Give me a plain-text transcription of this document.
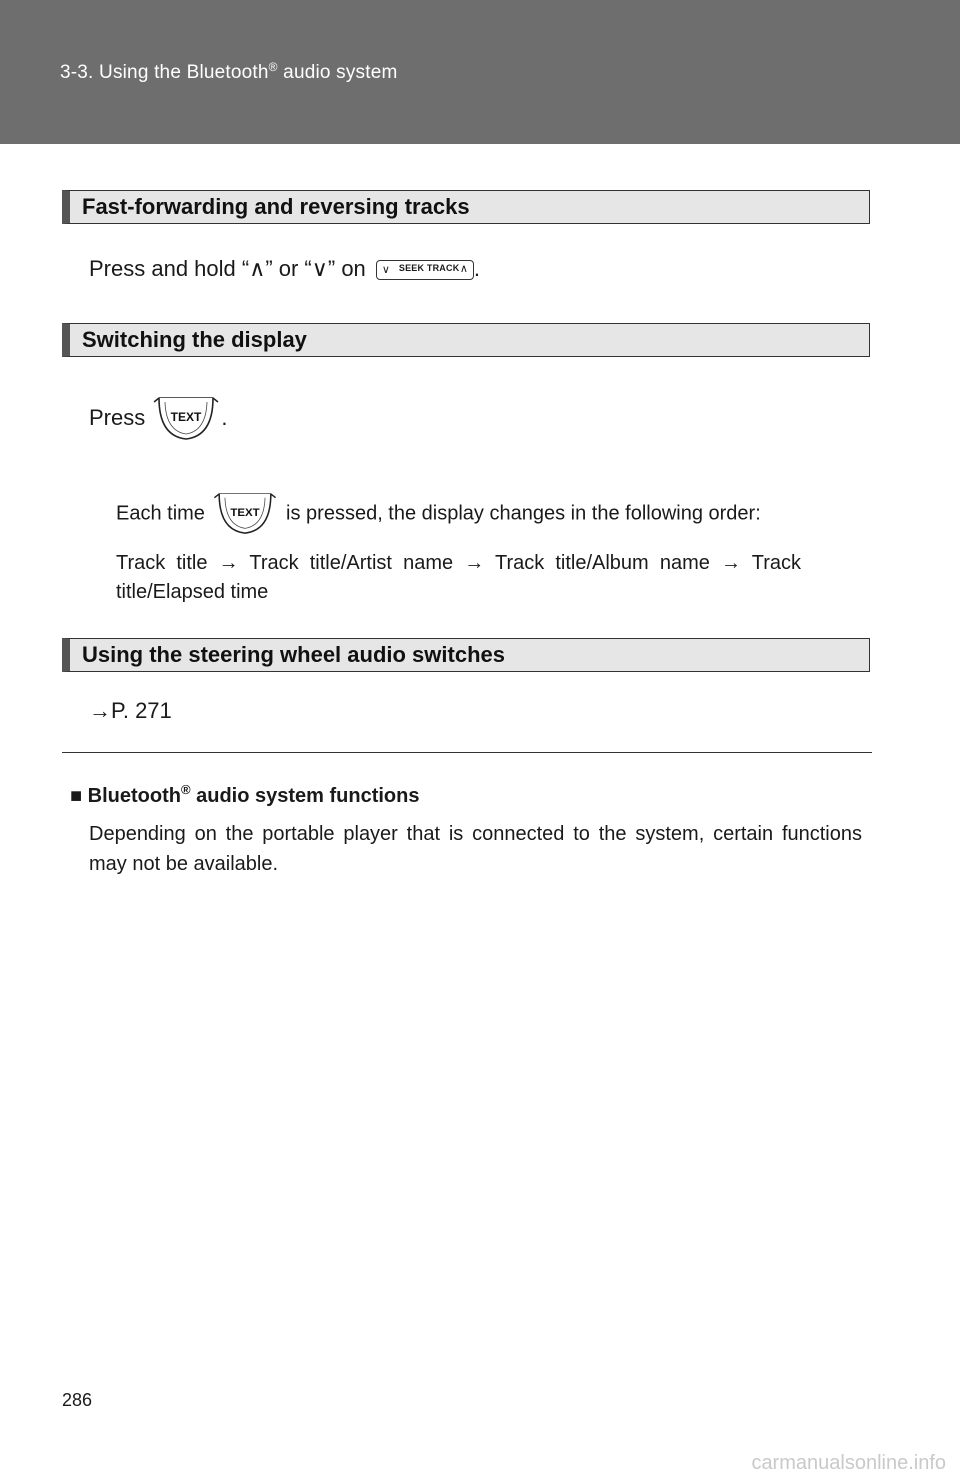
3-3. Using the Bluetooth® audio system
Fast-forwarding and reversing tracks
Press and hold “∧” or “∨” on ∨ SEEK TRACK ∧ .
Switching the display
Press TEXT .
Each time TEXT is pressed, the display changes in the following order:
Track  title  →  Track  title/Artist  name  →  Track  title/Album  name  →  Track
title/Elapsed time
Using the steering wheel audio switches
→P. 271
■ Bluetooth® audio system functions
Depending on the portable player that is connected to the system, certain functions may not be available.
286
carmanualsonline.info
